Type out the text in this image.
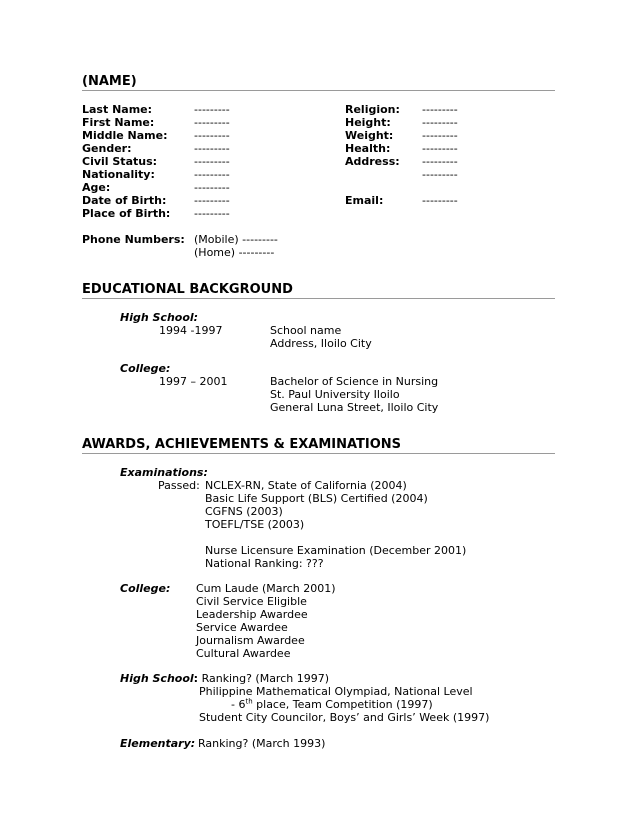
(NAME)
Last Name:	---------
First Name:	---------
Middle Name: ---------
Gender:	---------
Civil Status:	---------
Nationality:	---------
Age:	---------
Date of Birth:	---------
Place of Birth: ---------
Religion: ---------
Height:	---------
Weight:	---------
Health:	---------
Address: ---------
---------
Email:	---------
Phone Numbers: (Mobile) ---------
(Home) ---------
EDUCATIONAL BACKGROUND
High School:
1994 -1997	School name
Address, Iloilo City
College:
1997 – 2001	Bachelor of Science in Nursing
St. Paul University Iloilo
General Luna Street, Iloilo City
AWARDS, ACHIEVEMENTS & EXAMINATIONS
Examinations:
Passed: NCLEX-RN, State of California (2004)
Basic Life Support (BLS) Certified (2004)
CGFNS (2003)
TOEFL/TSE (2003)
Nurse Licensure Examination (December 2001)
National Ranking: ???
College: Cum Laude (March 2001)
Civil Service Eligible
Leadership Awardee
Service Awardee
Journalism Awardee
Cultural Awardee
High School: Ranking? (March 1997)
Philippine Mathematical Olympiad, National Level
- 6th place, Team Competition (1997)
Student City Councilor, Boys’ and Girls’ Week (1997)
Elementary: Ranking? (March 1993)
